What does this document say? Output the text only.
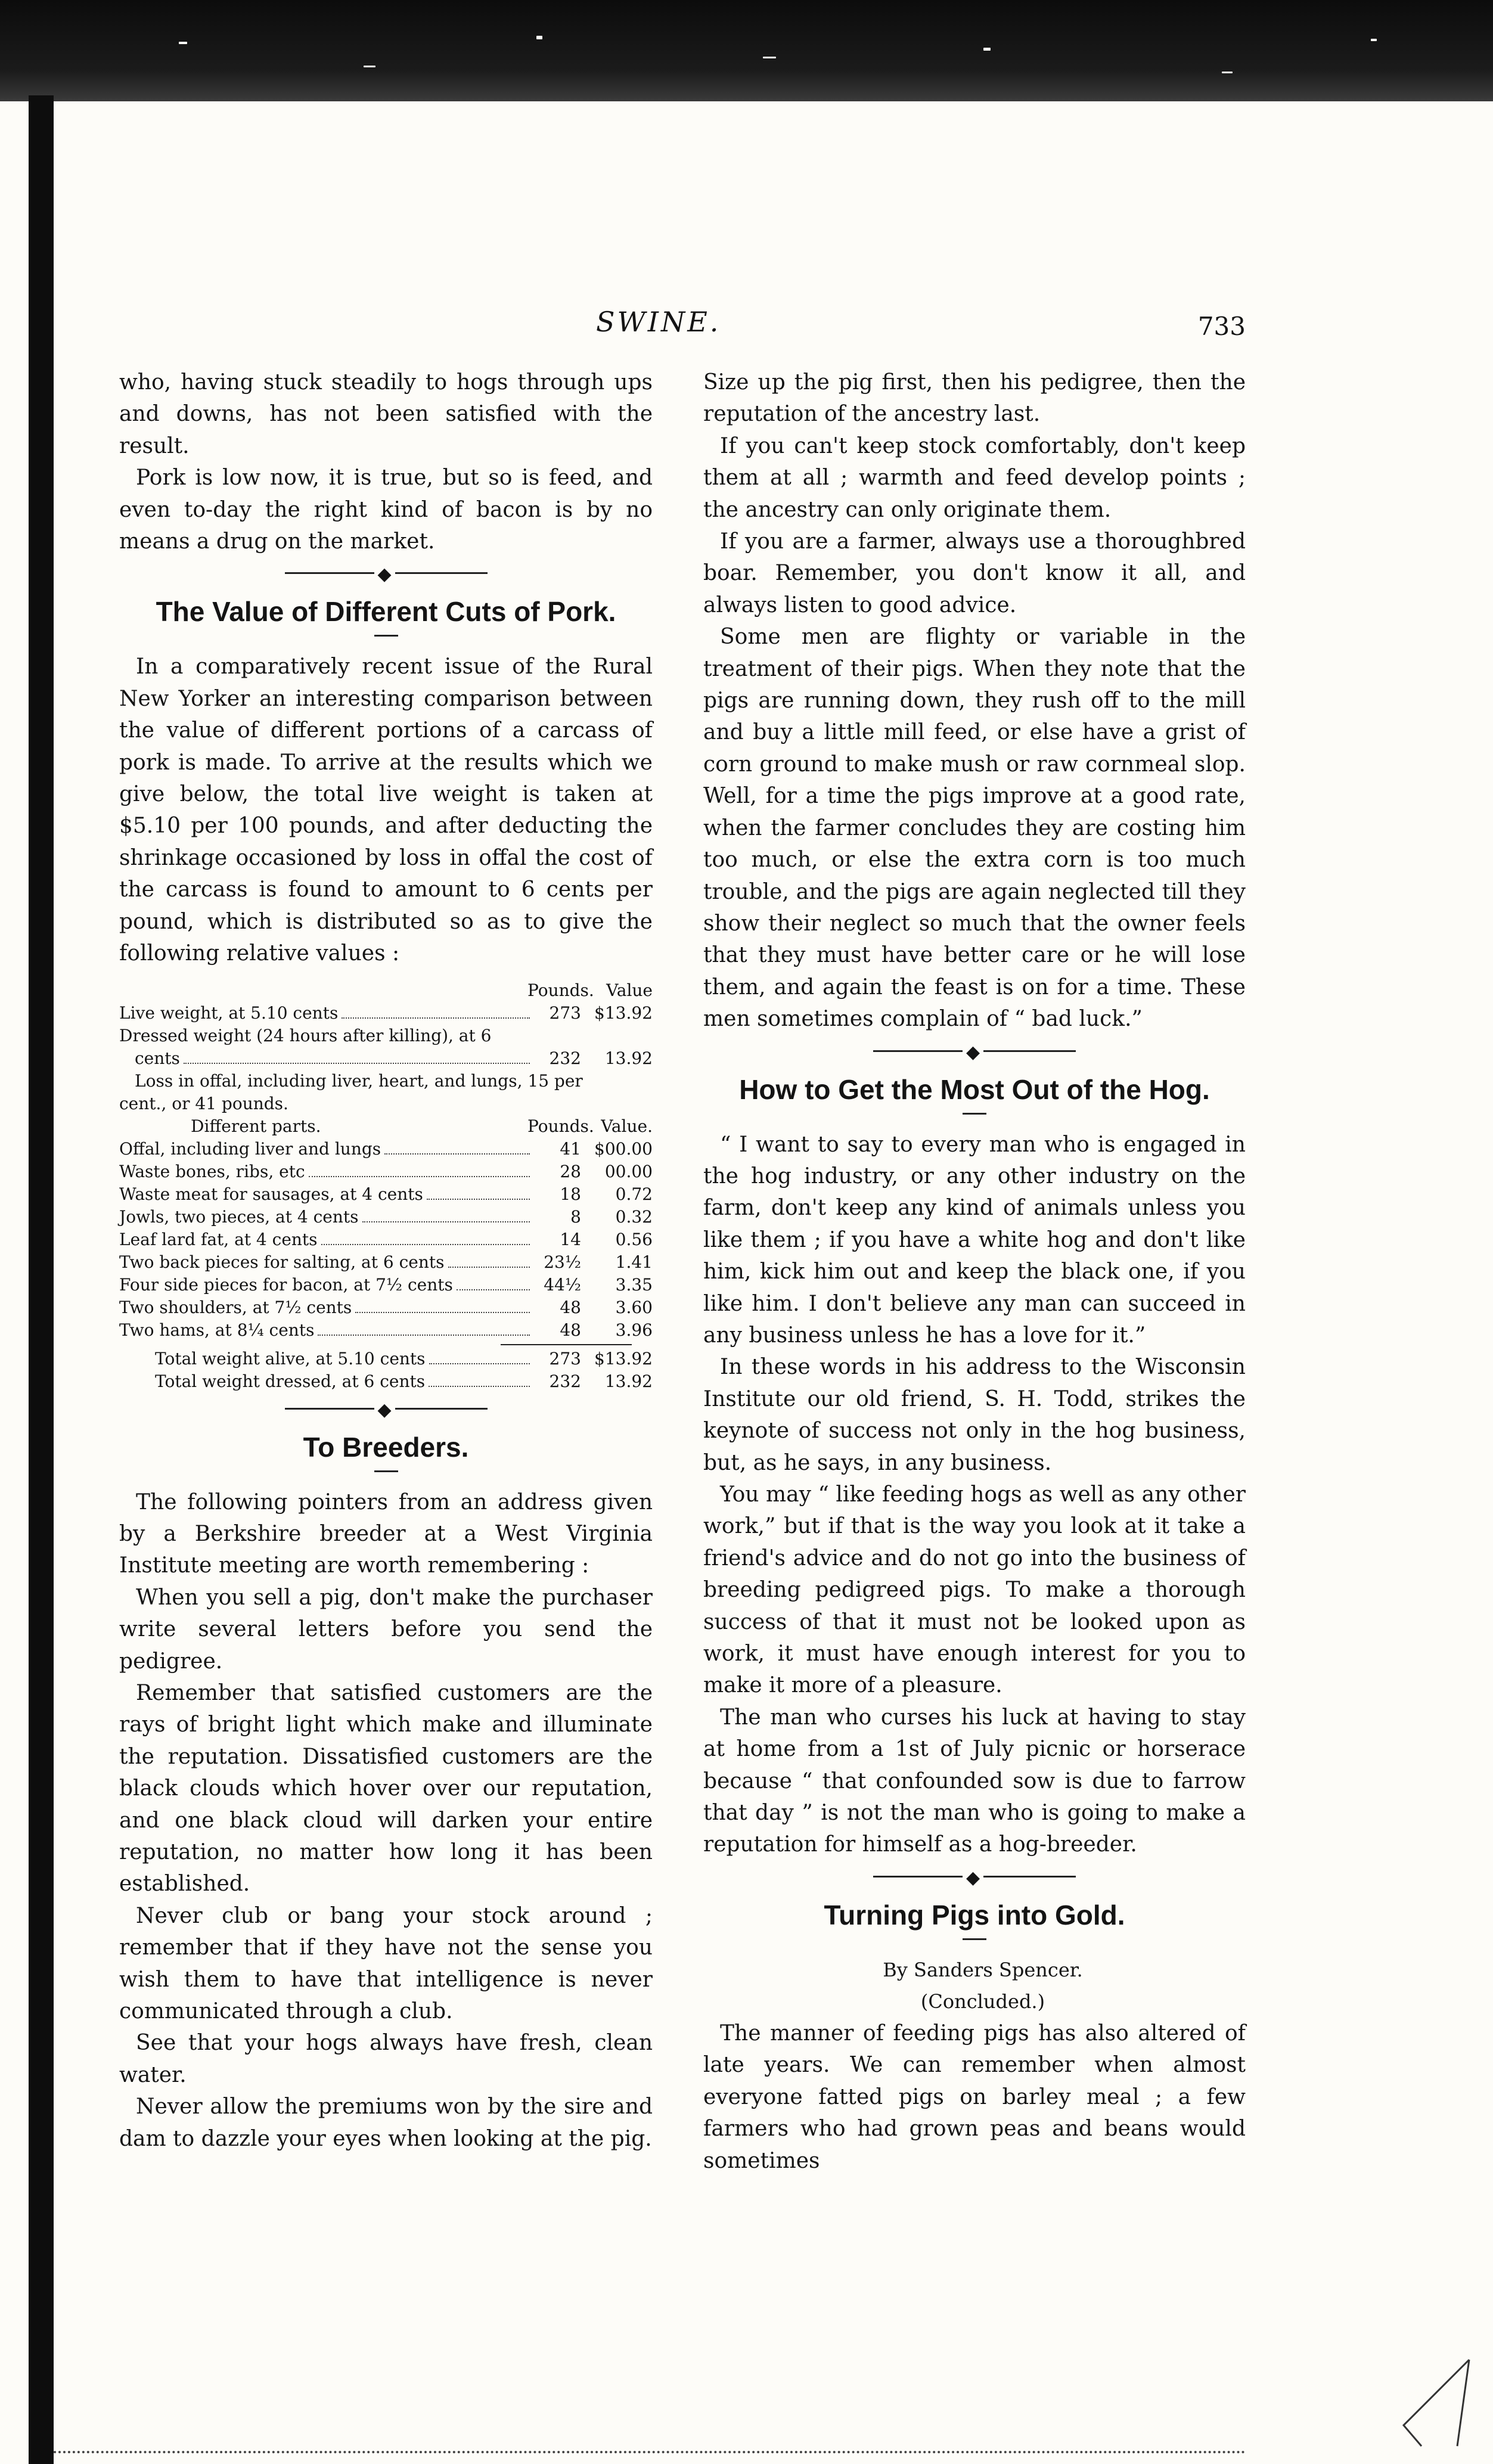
SWINE.	733

who, having stuck steadily to hogs through ups and downs, has not been satisfied with the result.

Pork is low now, it is true, but so is feed, and even to-day the right kind of bacon is by no means a drug on the market.

◆
The Value of Different Cuts of Pork.

In a comparatively recent issue of the Rural New Yorker an interesting comparison between the value of different portions of a carcass of pork is made. To arrive at the results which we give below, the total live weight is taken at $5.10 per 100 pounds, and after deducting the shrinkage occasioned by loss in offal the cost of the carcass is found to amount to 6 cents per pound, which is distributed so as to give the following relative values :

Pounds. Value
Live weight, at 5.10 cents	273 $13.92
Dressed weight (24 hours after killing), at 6
cents	232	13.92
Loss in offal, including liver, heart, and lungs, 15 per
cent., or 41 pounds.
Different parts.	Pounds. Value.
Offal, including liver and lungs	41 $00.00
Waste bones, ribs, etc	28	00.00
Waste meat for sausages, at 4 cents	18	0.72
Jowls, two pieces, at 4 cents	8	0.32
Leaf lard fat, at 4 cents	14	0.56
Two back pieces for salting, at 6 cents	23½	1.41
Four side pieces for bacon, at 7½ cents	44½	3.35
Two shoulders, at 7½ cents	48	3.60
Two hams, at 8¼ cents	48	3.96
Total weight alive, at 5.10 cents	273 $13.92
Total weight dressed, at 6 cents	232	13.92
◆
To Breeders.

The following pointers from an address given by a Berkshire breeder at a West Virginia Institute meeting are worth remembering :

When you sell a pig, don't make the purchaser write several letters before you send the pedigree.

Remember that satisfied customers are the rays of bright light which make and illuminate the reputation. Dissatisfied customers are the black clouds which hover over our reputation, and one black cloud will darken your entire reputation, no matter how long it has been established.

Never club or bang your stock around ; remember that if they have not the sense you wish them to have that intelligence is never communicated through a club.

See that your hogs always have fresh, clean water.

Never allow the premiums won by the sire and dam to dazzle your eyes when looking at the pig.

Size up the pig first, then his pedigree, then the reputation of the ancestry last.

If you can't keep stock comfortably, don't keep them at all ; warmth and feed develop points ; the ancestry can only originate them.

If you are a farmer, always use a thoroughbred boar. Remember, you don't know it all, and always listen to good advice.

Some men are flighty or variable in the treatment of their pigs. When they note that the pigs are running down, they rush off to the mill and buy a little mill feed, or else have a grist of corn ground to make mush or raw cornmeal slop. Well, for a time the pigs improve at a good rate, when the farmer concludes they are costing him too much, or else the extra corn is too much trouble, and the pigs are again neglected till they show their neglect so much that the owner feels that they must have better care or he will lose them, and again the feast is on for a time. These men sometimes complain of “ bad luck.”

◆
How to Get the Most Out of the Hog.

“ I want to say to every man who is engaged in the hog industry, or any other industry on the farm, don't keep any kind of animals unless you like them ; if you have a white hog and don't like him, kick him out and keep the black one, if you like him. I don't believe any man can succeed in any business unless he has a love for it.”

In these words in his address to the Wisconsin Institute our old friend, S. H. Todd, strikes the keynote of success not only in the hog business, but, as he says, in any business.

You may “ like feeding hogs as well as any other work,” but if that is the way you look at it take a friend's advice and do not go into the business of breeding pedigreed pigs. To make a thorough success of that it must not be looked upon as work, it must have enough interest for you to make it more of a pleasure.

The man who curses his luck at having to stay at home from a 1st of July picnic or horserace because “ that confounded sow is due to farrow that day ” is not the man who is going to make a reputation for himself as a hog-breeder.

◆
Turning Pigs into Gold.

By Sanders Spencer.

(Concluded.)

The manner of feeding pigs has also altered of late years. We can remember when almost everyone fatted pigs on barley meal ; a few farmers who had grown peas and beans would sometimes
